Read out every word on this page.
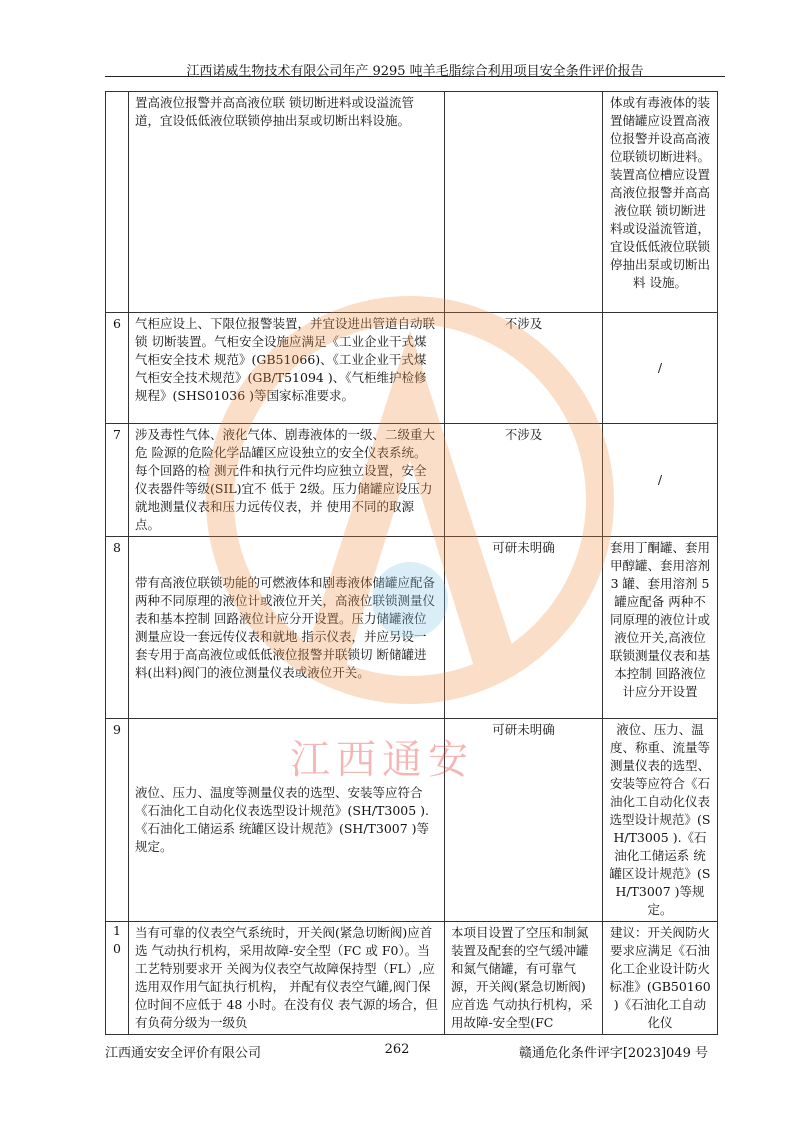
江西诺威生物技术有限公司年产 9295 吨羊毛脂综合利用项目安全条件评价报告
	置高液位报警并高高液位联 锁切断进料或设溢流管道，宜设低低液位联锁停抽出泵或切断出料设施。		体或有毒液体的装置储罐应设置高液位报警并设高高液位联锁切断进料。装置高位槽应设置高液位报警并高高液位联 锁切断进料或设溢流管道，宜设低低液位联锁停抽出泵或切断出料 设施。
6	气柜应设上、下限位报警装置，并宜设进出管道自动联锁 切断装置。气柜安全设施应满足《工业企业干式煤气柜安全技术 规范》(GB51066)、《工业企业干式煤气柜安全技术规范》(GB/T51094 )、《气柜维护检修规程》(SHS01036 )等国家标准要求。	不涉及	/
7	涉及毒性气体、液化气体、剧毒液体的一级、二级重大危 险源的危险化学品罐区应设独立的安全仪表系统。每个回路的检 测元件和执行元件均应独立设置，安全仪表器件等级(SIL)宜不 低于 2级。压力储罐应设压力就地测量仪表和压力远传仪表，并 使用不同的取源点。	不涉及	/
8	带有高液位联锁功能的可燃液体和剧毒液体储罐应配备 两种不同原理的液位计或液位开关，高液位联锁测量仪表和基本控制 回路液位计应分开设置。压力储罐液位测量应设一套远传仪表和就地 指示仪表，并应另设一套专用于高高液位或低低液位报警并联锁切 断储罐进料(出料)阀门的液位测量仪表或液位开关。	可研未明确	套用丁酮罐、套用甲醇罐、套用溶剂 3 罐、套用溶剂 5 罐应配备 两种不同原理的液位计或液位开关,高液位联锁测量仪表和基本控制 回路液位计应分开设置
9	液位、压力、温度等测量仪表的选型、安装等应符合《石油化工自动化仪表选型设计规范》(SH/T3005 ).《石油化工储运系 统罐区设计规范》(SH/T3007 )等规定。	可研未明确	液位、压力、温度、称重、流量等测量仪表的选型、安装等应符合《石油化工自动化仪表选型设计规范》(SH/T3005 ).《石油化工储运系 统罐区设计规范》(SH/T3007 )等规定。
10	当有可靠的仪表空气系统时，开关阀(紧急切断阀)应首选 气动执行机构，采用故障-安全型（FC 或 F0）。当工艺特别要求开 关阀为仪表空气故障保持型（FL）,应选用双作用气缸执行机构， 并配有仪表空气罐,阀门保位时间不应低于 48 小时。在没有仪 表气源的场合，但有负荷分级为一级负	本项目设置了空压和制氮装置及配套的空气缓冲罐和氮气储罐，有可靠气源，开关阀(紧急切断阀)应首选 气动执行机构，采用故障-安全型(FC	建议：开关阀防火要求应满足《石油化工企业设计防火标准》(GB50160 )《石油化工自动化仪
江西通安
江西通安安全评价有限公司	262	赣通危化条件评字[2023]049 号
